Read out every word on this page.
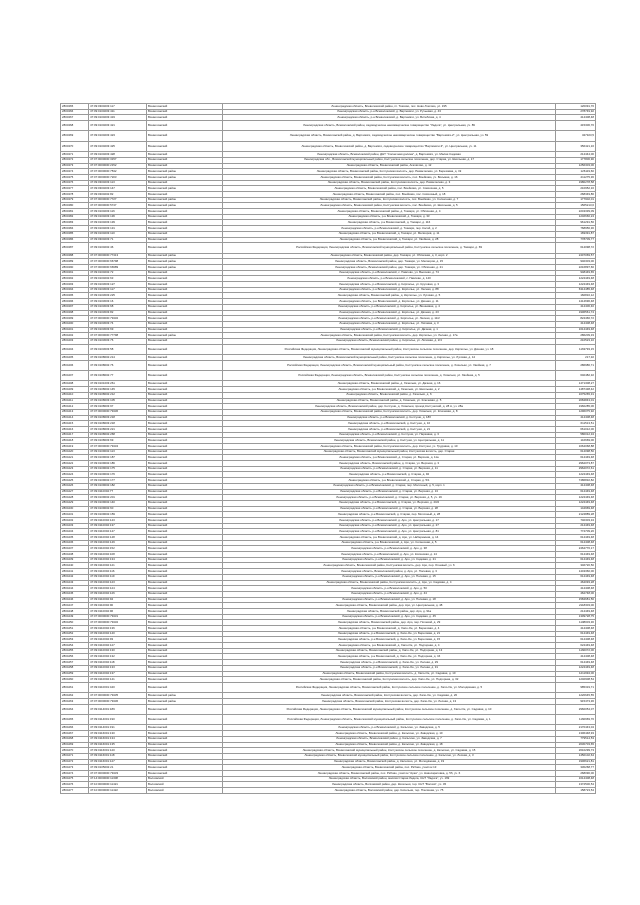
2804365	47:09:0304003:117	Всеволожский	Ленинградская область, Всеволожский район, гп. Токсово, пос. Ново-Токсово, ул. 195	120091,76
2804366	47:09:0104003:411	Всеволожский	Ленинградская область, р-н Всеволожский, д. Вартемяги, ул. Ручьевая, д. 43	278749,92
2804367	47:09:0104003:419	Всеволожский	Ленинградская область, р-н Всеволожский, д. Вартемяги, ул. Витебская, д. 4	414408,48
2804368	47:09:0104003:421	Всеволожский	Ленинградская область, Всеволожский район, садоводческое некоммерческое товарищество "Ладога", ул. Центральная, уч. 89	415306,76
2804369	47:09:0104003:423	Всеволожский	Ленинградская область, Всеволожский район, д. Вартемяги, садоводческое некоммерческое товарищество "Вартемяги-2", ул. Центральная, уч. 59	347323,5
2804370	47:09:0104003:425	Всеволожский	Ленинградская область, Всеволожский район, д. Вартемяги, садоводческое товарищество "Вартемяги-3", ул. Центральная, уч. 11	356421,16
2804371	47:09:0104003:428	Всеволожский	Ленинградская область, Всеволожский район, ДНТ "Солнечная долина", д. Вартемяги, ул. Малая Садовая	214444,00
2804372	47:07:0000000:3157	Всеволожский	Ленинградская обл., Всеволожский муниципальный район, Колтушское сельское поселение, дер. Старая, ул. Школьная, д. 17	177806,90
2804373	47:07:0000000:2152	Всеволожский	Ленинградская область, Всеволожский район, Агалатово, д. 12	1256303,06
2804374	47:07:0000000:7532	Всеволожский район	Ленинградская область, Всеволожский район, Колтушская волость, дер. Разметелево, ул. Березовая, д. 19	126119,60
2804375	47:07:0000000:7203	Всеволожский район	Ленинградская область, Всеволожский район, Колтушская волость, пос. Воейково, уч. Восьмая, д. 16	211275,36
2804376	47:09:0304003:113	Всеволожский	Ленинградская область, Всеволожский район, Колтушская волость, дер. Разметелево, д. 3	1980278,58
2804377	47:09:0304003:147	Всеволожский район	Ленинградская область, Всеволожский район, пос. Воейково, ул. Совхозная, д. 5	210952,16
2804378	47:09:0304002:82	Всеволожский	Ленинградская область, Всеволожский район, пос. Воейково, пос. Совхозный, д. 18	268349,86
2804379	47:07:0000000:7727	Всеволожский район	Ленинградская область, Всеволожский район, Колтушская волость, пос. Воейково, ул. Солнечная, д. 7	177902,01
2804380	47:07:0000000:5747	Всеволожский район	Ленинградская область, Всеволожский район, Колтушская волость, пос. Воейково, ул. Школьная, д. 5	1565213,6
2804381	47:09:0104003:116	Всеволожский	Ленинградская область, Всеволожский район, д. Токкари, ул. Облачная, д. 4	2243339,09
2804382	47:09:0104003:136	Всеволожский	Ленинградская область, р-н Всеволожский, д. Токкари, д. 33	1246666,24
2804383	47:09:0104003:139	Всеволожский	Ленинградская область, р-н Всеволожский, д. Токкари, д. 116	961291,56
2804384	47:09:0104003:131	Всеволожский	Ленинградская область, р-н Всеволожский, д. Токкари, пер. Косой, д. 2	768956,30
2804385	47:09:0104003:110	Всеволожский	Ленинградская область, р-н Всеволожский, д. Токкари, ул. Мелиоров, д. 11	169391,87
2804386	47:09:0304003:71	Всеволожский	Ленинградская область, р-н Всеволожский, д. Токкари, ул. Хвойная, д. 28	778709,77
2804387	47:09:0104002:46	Всеволожский	Российская Федерация, Ленинградская область, Всеволожский муниципальный район, Колтушское сельское поселение, д. Токкари, д. 69	614098,72
2804388	47:07:0000000:77413	Всеволожский район	Ленинградская область, Всеволожский район, дер. Токкари, ул. Облачная, д. 3, корп. 2	2407069,57
2804389	47:07:0000000:66798	Всеволожский район	Ленинградская область, Всеволожский район, дер. Токкари, ул. Мелиоров, д. 15	940303,00
2804390	47:07:0000000:66989	Всеволожский район	Ленинградская область, Всеволожский район, дер. Токкари, ул. Облачная, д. 21	2216897,66
2804391	47:09:0104002:72	Всеволожский	Ленинградская область, р-н Всеволожский, с. Павлово, ул. Высокая, д. 74	948449,65
2804392	47:09:0104002:63	Всеволожский	Ленинградская область, р-н Всеволожский, с. Павлово, д. 140	1224449,48
2804393	47:09:0103003:127	Всеволожский	Ленинградская область, р-н Всеволожский, д. Кирполье, ул. Круговая, д. 3	1224449,48
2804394	47:09:0103003:117	Всеволожский	Ленинградская область, р-н Всеволожский, д. Кирполье, ул. Лесная, д. 88	6314485,48
2804395	47:09:0103003:225	Всеволожский	Ленинградская область, Всеволожский район, д. Кирполье, ул. Луговая, д. 5	160816,12
2804396	47:09:0103003:16	Всеволожский	Ленинградская область, р-н Всеволожский, д. Кирполье, ул. Дачная, д. 11	1414696,48
2804397	47:09:0103003:68	Всеволожский	Ленинградская область, р-н Всеволожский, д. Кирполье, ул. Вишнёвая, д. 4	414406,40
2804398	47:09:0103003:82	Всеволожский	Ленинградская область, р-н Всеволожский, д. Кирполье, ул. Дачная, д. 23	1906561,74
2804399	47:07:0000000:79432	Всеволожский	Ленинградская область, р-н Всеволожский, д. Кирполье, ул. Лесная, д. 11/2	824466,72
2804400	47:09:0103003:74	Всеволожский	Ленинградская область, р-н Всеволожский, д. Кирполье, ул. Липовая, д. 3	414408,48
2804401	47:09:0103003:69	Всеволожский	Ленинградская область, р-н Всеволожский, д. Кирполье, ул. Дачная, д. 1	1614449,48
2804402	47:07:0000000:77798	Всеволожский район	Ленинградская область, Всеволожский район, Колтушская волость, дер. Кирполье, ул. Лесная, д. 17а	286209,33
2804403	47:09:0103003:76	Всеволожский	Ленинградская область, Всеволожский район, д. Кирполье, ул. Липовая, д. 2/4	210523,10
2804404	47:09:0103003:58	Всеволожский	Российская Федерация, Ленинградская область, Всеволожский муниципальный район, Колтушское сельское поселение, дер. Кирполье, ул. Дачная, уч. 18	1163793,15
2804405	47:09:0108002:214	Всеволожский	Ленинградская область, Всеволожский муниципальный район, Колтушское сельское поселение, д. Кирполье, ул. Луговая, д. 14	217,32
2804406	47:09:0108002:76	Всеволожский	Российская Федерация, Ленинградская область, Всеволожский муниципальный район, Колтушское сельское поселение, д. Хязельки, ул. Хвойная, д. 7	286986,71
2804407	47:09:0108002:77	Всеволожский	Российская Федерация, Ленинградская область, Всеволожский район, Колтушское сельское поселение, д. Хязельки, ул. Хвойная, д. 5	640482,32
2804408	47:09:0101003:261	Всеволожский	Ленинградская область, Всеволожский район, д. Хязельки, ул. Дачная, д. 16	1471308,27
2804409	47:09:0108002:145	Всеволожский	Ленинградская область, р-н Всеволожский, д. Хязельки, ул. Школьная, д. 2	1487438,42
2804410	47:09:0108002:212	Всеволожский	Ленинградская область, Всеволожский район, д. Хязельки, д. 6	1675265,31
2804411	47:09:0108003:105	Всеволожский	Ленинградская область, Всеволожский район, д. Хязельки, ул. Ключевая, д. 5	2084843,01
2804412	47:09:0108003:97	Всеволожский	Ленинградская область, Всеволожский район, дер. Колтуши, д. Хязельки, проезд Колтушский, д. 28 А, уч. 28а	1960285,06
2804413	47:07:0000000:79436	Всеволожский	Ленинградская область, Всеволожский район, Колтушская волость, дер. Хязельки, ул. Ключевая, д. 8	1296075,92
2804414	47:09:0108003:218	Всеволожский	Ленинградская область, р-н Всеволожский, д. Колтуши, д. 18б	414408,48
2804415	47:09:0108003:218	Всеволожский	Ленинградская область, р-н Всеволожский, д. Колтуши, д. 10	611513,51
2804416	47:09:0108003:221	Всеволожский	Ленинградская область, р-н Всеволожский, д. Колтуши, д. 21	661012,00
2804417	47:09:0108002:268	Всеволожский	Ленинградская область, р-н Всеволожский, д. Колтуши, ул. Парковая, д. 3	580012,34
2804418	47:09:0108003:69	Всеволожский	Ленинградская область, Всеволожский район, д. Колтуши, ул. Центральная, д. 11	116669,00
2804419	47:07:0000000:79434	Всеволожский	Ленинградская область, Всеволожский район, Колтушская волость, дер. Колтуши, уч. Трудовая, д. 10	1664068,88
2804420	47:09:0109002:113	Всеволожский	Ленинградская область, Всеволожский муниципальный район, Колтушская волость, дер. Старая	614098,50
2804421	47:09:0109002:187	Всеволожский	Ленинградская область, р-н Всеволожский, д. Старая, ул. Верхняя, д. 11а	614449,48
2804422	47:09:0109002:186	Всеволожский	Ленинградская область, Всеволожский район, д. Старая, ул. Верхняя, д. 3	2962073,87
2804423	47:09:0109002:175	Всеволожский	Ленинградская область, р-н Всеволожский, д. Старая, ул. Верхняя, д. 11	2962072,61
2804424	47:09:0109002:176	Всеволожский	Ленинградская область, р-н Всеволожский, д. Старая, д. 92	1224449,48
2804425	47:09:0109002:177	Всеволожский	Ленинградская область, р-н Всеволожский, д. Старая, д. 5/1	7486832,82
2804426	47:09:0109002:182	Всеволожский	Ленинградская область, р-н Всеволожский, д. Старая, пер. Молочный, д. 5, корп. 1	414408,48
2804427	47:09:0110002:77	Всеволожский	Ленинградская область, р-н Всеволожский, д. Старая, ул. Верхняя, д. 13	614449,48
2804428	47:09:0109002:201	Всеволожский	Ленинградская область, р-н Всеволожский, д. Старая, ул. Верхняя, д. 5, уч. 19	1224449,48
2804429	47:09:0109002:140	Всеволожский	Ленинградская область, р-н Всеволожский, д. Старая, ул. Верхняя, д. 20/2	1224449,48
2804430	47:09:0109002:60	Всеволожский	Ленинградская область, р-н Всеволожский, д. Старая, ул. Верхняя, д. 28	144969,48
2804431	47:09:0109002:159	Всеволожский	Ленинградская область, р-н Всеволожский, д. Старая, пер. Молочный, д. 28	2124889,28
2804432	47:09:0110002:143	Всеволожский	Ленинградская область, р-н Всеволожский, д. Аро, ул. Центральная, д. 17	740303,34
2804433	47:09:0110002:137	Всеволожский	Ленинградская область, р-н Всеволожский, д. Аро, ул. Центральная, д. 27	214449,48
2804434	47:09:0110002:147	Всеволожский	Ленинградская область, р-н Всеволожский, д. Аро, ул. Центральная, д. 81	774709,26
2804435	47:09:0110002:148	Всеволожский	Ленинградская область, р-н Всеволожский, д. Аро, ул. Набережная, д. 14	614449,48
2804436	47:09:0110002:149	Всеволожский	Ленинградская область, р-н Всеволожский, д. Аро, ул. Солнечная, д. 5	614408,48
2804437	47:09:0110002:152	Всеволожский	Ленинградская область, р-н Всеволожский, д. Аро, д. 38	2464776,17
2804438	47:09:0110002:108	Всеволожский	Ленинградская область, р-н Всеволожский, д. Аро, ул. Косинская, д. 14	614449,48
2804439	47:09:0110002:134	Всеволожский	Ленинградская область, р-н Всеволожский, д. Аро, ул. Садовая, д. 21	614449,48
2804440	47:09:0110002:121	Всеволожский	Ленинградская область, Всеволожский район, Колтушская волость, дер. Аро, пер. Огневый, уч. 6	346720,50
2804441	47:09:0110002:116	Всеволожский	Ленинградская область, Всеволожский район, д. Аро, ул. Полевая, д. 3	1443360,00
2804442	47:09:0110002:119	Всеволожский	Ленинградская область, р-н Всеволожский, д. Аро, ул. Полевая, д. 15	614449,48
2804443	47:09:0110002:123	Всеволожский	Ленинградская область, Всеволожский район, Колтушская волость, д. Аро, ул. Садовая, д. 4	464093,28
2804444	47:09:0110002:124	Всеволожский	Ленинградская область, р-н Всеволожский, д. Аро, д. 50	414408,48
2804445	47:09:0110002:126	Всеволожский	Ленинградская область, р-н Всеволожский, д. Аро, д. 44	462748,00
2804446	47:09:0110002:94	Всеволожский	Ленинградская область, р-н Всеволожский, д. Аро, ул. Полевая, д. 18	1584681,56
2804447	47:09:0110002:90	Всеволожский	Ленинградская область, Всеволожский район, дер. Аро, ул. Центральная, д. 48	2118303,00
2804448	47:09:0110002:96	Всеволожский	Ленинградская область, Всеволожский район, дер. Аро, д. 91а	214449,48
2804449	47:07:0000000:79431	Всеволожский	Ленинградская область, р-н Всеволожский, д. Аро, ул. Садовая, д. 45	1309728,75
2804450	47:07:0000000:79432	Всеволожский	Ленинградская область, Всеволожский район, дер. Аро, пер. Полевой, д. 29	1108003,30
2804451	47:09:0110002:136	Всеволожский	Ленинградская область, р-н Всеволожский, д. Хапо-Ое, ул. Береговая, д. 4	414408,48
2804452	47:09:0110002:140	Всеволожский	Ленинградская область, р-н Всеволожский, д. Хапо-Ое, ул. Береговая, д. 21	614449,48
2804453	47:09:0110002:93	Всеволожский	Ленинградская область, р-н Всеволожский, д. Хапо-Ое, ул. Береговая, д. 15	614408,48
2804454	47:09:0110002:127	Всеволожский	Ленинградская область, р-н Всеволожский, д. Хапо-Ое, ул. Подгорная, д. 4	624449,48
2804455	47:09:0110002:130	Всеволожский	Ленинградская область, Всеволожский район, д. Хапо-Ое, ул. Подгорная, д. 13	1160072,00
2804456	47:09:0110002:132	Всеволожский	Ленинградская область, р-н Всеволожский, д. Хапо-Ое, ул. Подгорная, д. 16	414408,48
2804457	47:09:0110002:118	Всеволожский	Ленинградская область, р-н Всеволожский, д. Хапо-Ое, ул. Лесная, д. 29	614449,48
2804458	47:09:0110002:133	Всеволожский	Ленинградская область, р-н Всеволожский, д. Хапо-Ое, ул. Лесная, д. 31	1224449,48
2804459	47:09:0110002:137	Всеволожский	Ленинградская область, Всеволожский район, Колтушская волость, д. Хапо-Ое, ул. Садовая, д. 10	1211994,00
2804460	47:09:0110002:141	Всеволожский	Ленинградская область, Всеволожский район, Колтушская волость, дер. Хапо-Ое, ул. Подгорная, д. 32	1240908,54
2804461	47:09:0110001:440	Всеволожский	Российская Федерация, Ленинградская область, Всеволожский район, Колтушское сельское поселение, д. Хапо-Ое, ул. Молодёжная, д. 5	985319,71
2804462	47:07:0000000:79435	Всеволожский район	Ленинградская область, Всеволожский район, Колтушская волость, дер. Хапо-Ое, ул. Садовая, д. 20	1220645,55
2804463	47:07:0000000:79436	Всеволожский район	Ленинградская область, Всеволожский район, Колтушская волость, дер. Хапо-Ое, ул. Лесная, д. 13	915473,36
2804464	47:09:0114001:189	Всеволожский	Российская Федерация, Ленинградская область, Всеволожский муниципальный район, Колтушское сельское поселение, д. Хапо-Ое, ул. Садовая, д. 10	2960054,07
2804465	47:09:0114001:190	Всеволожский	Российская Федерация, Ленинградская область, Всеволожский муниципальный район, Колтушское сельское поселение, д. Хапо-Ое, ул. Садовая, д. 1	1160969,76
2804466	47:09:0114001:191	Всеволожский	Ленинградская область, р-н Всеволожский, д. Кальтино, ул. Заводская, д. 5	2170443,04
2804467	47:09:0116001:130	Всеволожский	Ленинградская область, Всеволожский район, д. Кальтино, ул. Заводская, д. 10	1306448,93
2804468	47:09:0116001:134	Всеволожский	Ленинградская область, Всеволожский район, д. Кальтино, ул. Заводская, д. 7	779514,53
2804469	47:09:0116001:135	Всеволожский	Ленинградская область, Всеволожский район, д. Кальтино, ул. Заводская, д. 18	2630703,65
2804470	47:09:0116001:120	Всеволожский	Ленинградская область, Всеволожский муниципальный район, Колтушское сельское поселение, д. Кальтино, ул. Садовая, д. 15	2610299,73
2804471	47:09:0116001:118	Всеволожский	Ленинградская область, Всеволожский муниципальный район, Колтушское сельское поселение, д. Кальтино, ул. Лесная, д. 3	1450102,64
2804472	47:09:0116001:127	Всеволожский	Ленинградская область, Всеволожский район, д. Кальтино, ул. Молодёжная, д. 19	1906621,81
2804473	47:09:0105002:21	Всеволожский	Ленинградская область, Всеволожский район, пос. Рябово, участок 13	330268,77
2804474	47:07:0000000:79433	Всеволожский	Ленинградская область, Всеволожский район, пос. Рябово, участок "Арка", уч. Новосаратовка, д. 5б, уч. 6	268090,00
2804475	47:14:0000000:11308	Волховский	Ленинградская область, Волховский район, массив Старая Ладога, СНТ "Ладога", уч. 169	1614408,48
2804476	47:10:0000000:11421	Волховский	Ленинградская область, Волховский район, дер. Кисельня, тер. СНТ "Волхов", уч. 45	1372500,54
2804477	47:10:0000000:11422	Волховский	Ленинградская область, Волховский район, дер. Кисельня, тер. Пчелиная, уч. 75	158723,54
